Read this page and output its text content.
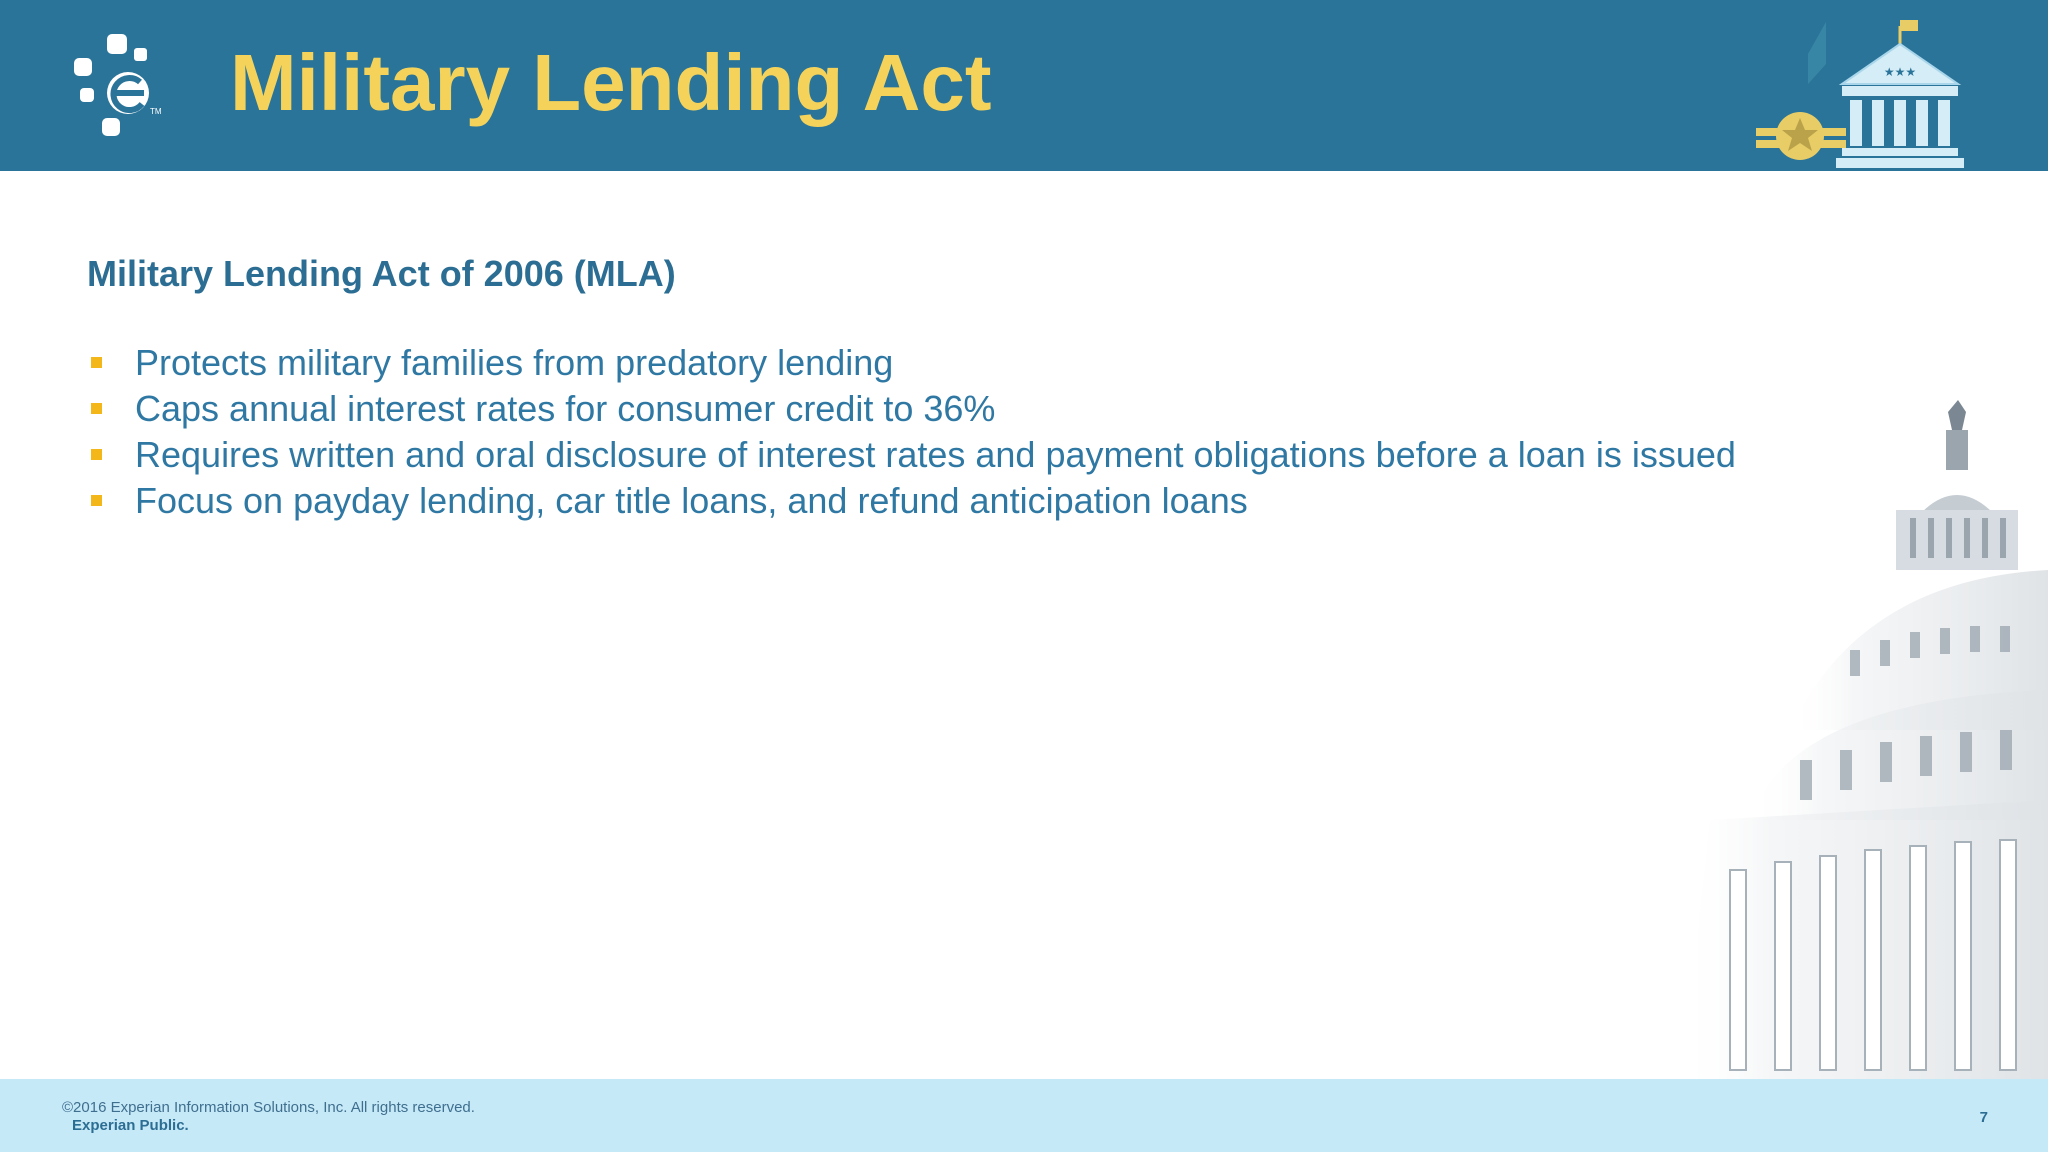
TM Military Lending Act	★★★
Military Lending Act of 2006 (MLA)
Protects military families from predatory lending
Caps annual interest rates for consumer credit to 36%
Requires written and oral disclosure of interest rates and payment obligations before a loan is issued
Focus on payday lending, car title loans, and refund anticipation loans
©2016 Experian Information Solutions, Inc. All rights reserved.
Experian Public.	7
